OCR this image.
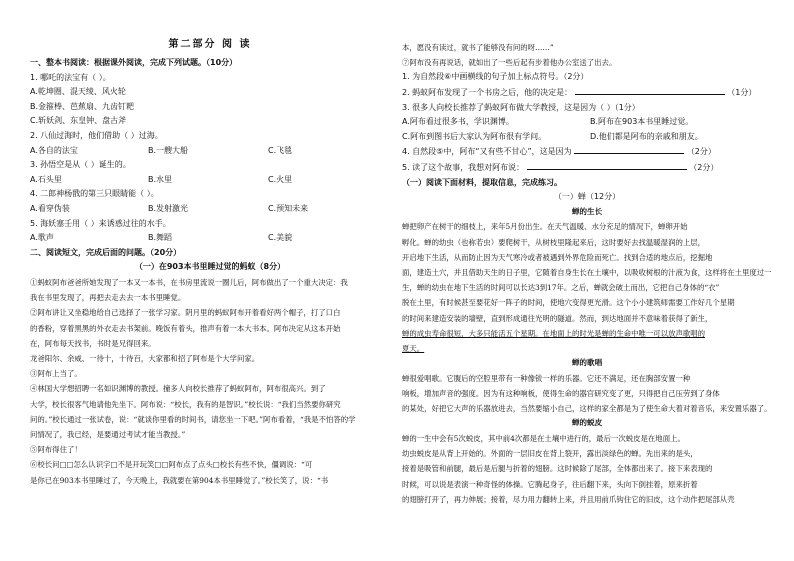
第二部分 阅 读
一、整本书阅读：根据课外阅读，完成下列试题。（10分）
1. 哪吒的法宝有（ ）。
A.乾坤圈、混天绫、风火轮
B.金箍棒、芭蕉扇、九齿钉耙
C.斩妖剑、东皇钟、盘古斧
2. 八仙过海时，他们借助（ ）过海。
A.各自的法宝	B.一艘大船	C.飞毯
3. 孙悟空是从（ ）诞生的。
A.石头里	B.水里	C.火里
4. 二郎神杨戬的第三只眼睛能（ ）。
A.看穿伪装	B.发射激光	C.预知未来
5. 海妖塞壬用（ ）来诱惑过往的水手。
A.歌声	B.舞蹈	C.美貌
二、阅读短文，完成后面的问题。（20分）
（一）在903本书里睡过觉的蚂蚁（8分）
①蚂蚁阿布爸爸所她发现了一本又一本书，在书房里流说一圈儿后，阿布做出了一个重大决定：我
我在书里发现了，再把去走去去一本书里睡觉。
②阿布讲让又坐稳地给自己选择了一张学习家。阴月里的蚂蚁阿布开着看好两个帽子，打了口白
的香粉，穿着黑黑的外衣走去书架前。晚饭有着头，推声有着一本大书本。阿布决定从这本开始
在，阿布每天找书，书时是兄得回来。
龙爸阳尔、余威、一待十，十待百，大家都和招了阿布是个大学问家。
③阿布上当了。
④林国大学想招聘一名如识渊博的教授。撞多人向校长推荐了蚂蚁阿布，阿布很高兴。到了
大学，校长很客气地请他先坐下。阿布说：“校长，我有的是智识。”校长说：“我们当然要你研究
问的。”校长通过一张试卷，说：“就谈你里看的时间书，请您坐一下吧。”阿布看着，“我是不怕答的学
问情况了，我已经，是要通过考试才能当教授。”
⑤阿布得住了！
⑥校长问□□怎么认识字□不是开玩笑□□阿布点了点头□校长有些不快，僵调说：“可
是你已在903本书里睡过了，今天晚上，我就要在第904本书里睡觉了。”校长笑了，说：“书
本，愿没有读过，就书了能够没有问的呀……”
⑦阿布没有再说话，就如出了一些后起有步着他办公室送了出去。
1. 为自然段⑥中画横线的句子加上标点符号。（2分）
2. 蚂蚁阿布发现了一个书房之后，他的决定是：	（1分）
3. 很多人向校长推荐了蚂蚁阿布做大学教授，这是因为（ ）（1分）
A.阿布看过很多书，学识渊博。	B.阿布在903本书里睡过觉。
C.阿布到图书后大家认为阿布很有学问。	D.他们都是阿布的亲戚和朋友。
4. 自然段⑤中，阿布“又有些不甘心”，这是因为	（2分）
5. 读了这个故事，我想对阿布说：	（2分）
（一）阅读下面材料，提取信息，完成练习。
（一）蝉（12分）
蝉的生长
蝉把卵产在树干的细枝上，来年5月份出生。在天气温暖、水分充足的情况下，蝉卵开始
孵化。蝉的幼虫（也称若虫）要爬树干，从树枝里隆起来后，这时要好去找温暖湿润的上层，
开启地下生活，从而防止因为天气寒冷或者被遇到外界危险而死亡。找到合适的地点后，挖掘地
面，建造土穴，并且借助天生的日子里，它随着自身生长在土壤中，以吸收树根的汁液为食，这样将在土里度过一
生，蝉的幼虫在地下生活的时间可以长达3到17年。之后，蝉就会破土而出，它把自己身体的“衣”
脱在土里，有时候甚至要花好一阵子的时间，使地穴变得更光滑。这个小小建筑师需要工作好几个星期
的时间来建造安装的墙壁，直到形成通往光明的隧道。然而，到达地面并不意味着获得了新生，
蝉的成虫寿命很短，大多只能活五个星期。在地面上的时光是蝉的生命中唯一可以放声歌唱的
夏天。
蝉的歌唱
蝉很爱唱歌。它腹后的空腔里带有一种像钹一样的乐器。它还不满足，还在胸部安置一种
响板，增加声音的强度。因为有这种响板，使得生命的器官研究变了更，只得把自己压劳到了身体
的某处，好把它大声的乐器放进去，当然要缩小自己，这样的家全都是为了使生命大着对着音乐，来安置乐器了。
蝉的蜕皮
蝉的一生中会有5次蜕皮，其中前4次都是在土壤中进行的，最后一次蜕皮是在地面上。
幼虫蜕皮是从背上开始的。外面的一层旧皮在背上裂开，露出淡绿色的蝉。先出来的是头，
接着是吸管和前腿，最后是后腿与折着的翅膀。这时候除了尾部，全体都出来了。接下来表现的
时候，可以说是表演一种奇怪的体操。它腾起身子，往后翻下来，头向下倒挂着，原来折着
的翅膀打开了，再力伸展；接着，尽力用力翻转上来，并且用前爪钩住它的旧皮，这个动作把尾部从壳
